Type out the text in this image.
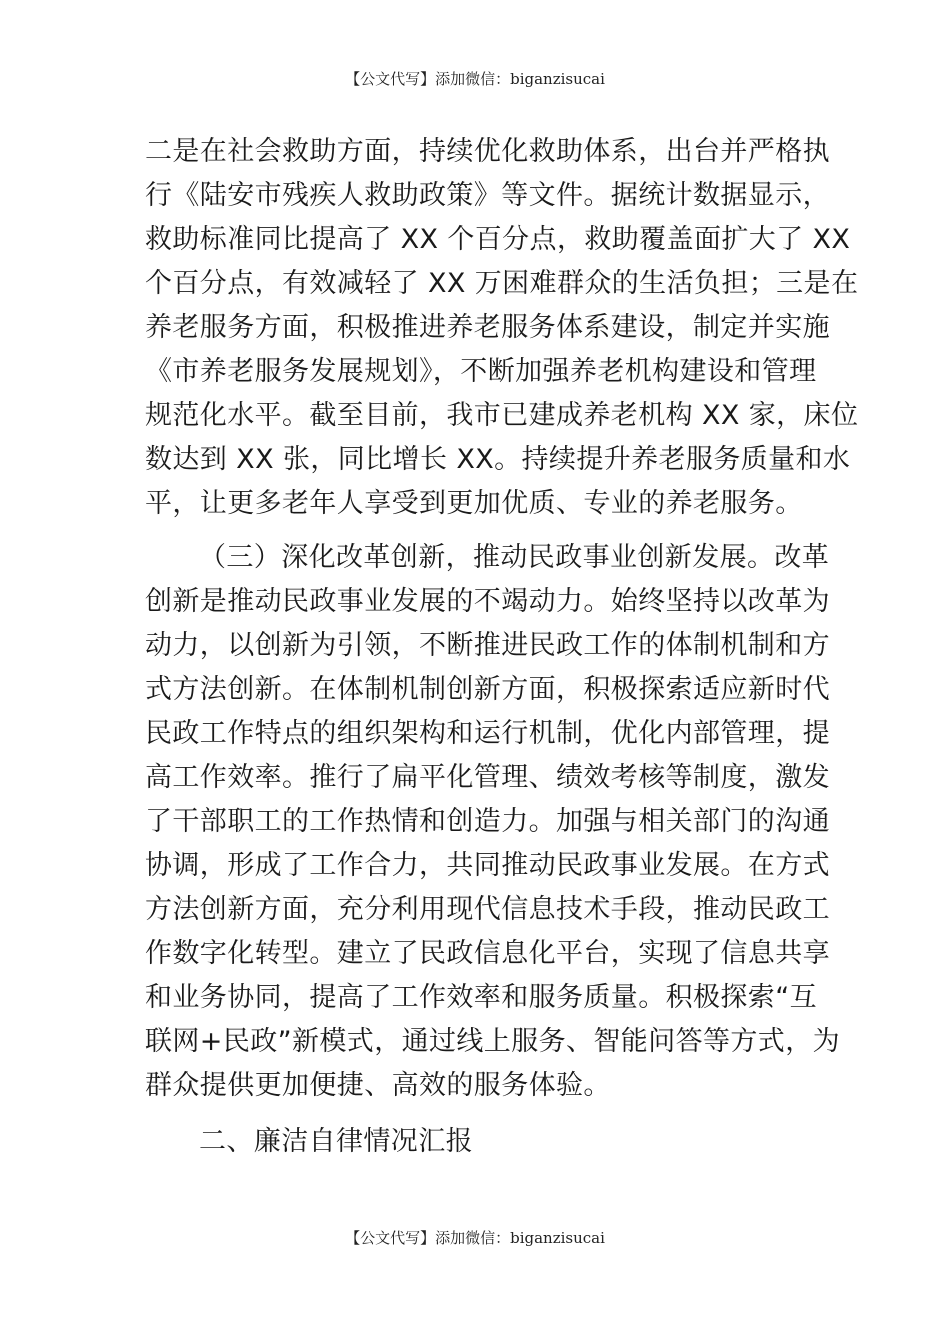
【公文代写】添加微信：biganzisucai
二是在社会救助方面，持续优化救助体系，出台并严格执
行《陆安市残疾人救助政策》等文件。据统计数据显示，
救助标准同比提高了 XX 个百分点，救助覆盖面扩大了 XX
个百分点，有效减轻了 XX 万困难群众的生活负担；三是在
养老服务方面，积极推进养老服务体系建设，制定并实施
《市养老服务发展规划》，不断加强养老机构建设和管理
规范化水平。截至目前，我市已建成养老机构 XX 家，床位
数达到 XX 张，同比增长 XX。持续提升养老服务质量和水
平，让更多老年人享受到更加优质、专业的养老服务。
（三）深化改革创新，推动民政事业创新发展。改革
创新是推动民政事业发展的不竭动力。始终坚持以改革为
动力，以创新为引领，不断推进民政工作的体制机制和方
式方法创新。在体制机制创新方面，积极探索适应新时代
民政工作特点的组织架构和运行机制，优化内部管理，提
高工作效率。推行了扁平化管理、绩效考核等制度，激发
了干部职工的工作热情和创造力。加强与相关部门的沟通
协调，形成了工作合力，共同推动民政事业发展。在方式
方法创新方面，充分利用现代信息技术手段，推动民政工
作数字化转型。建立了民政信息化平台，实现了信息共享
和业务协同，提高了工作效率和服务质量。积极探索“互
联网+民政”新模式，通过线上服务、智能问答等方式，为
群众提供更加便捷、高效的服务体验。
二、廉洁自律情况汇报
【公文代写】添加微信：biganzisucai
